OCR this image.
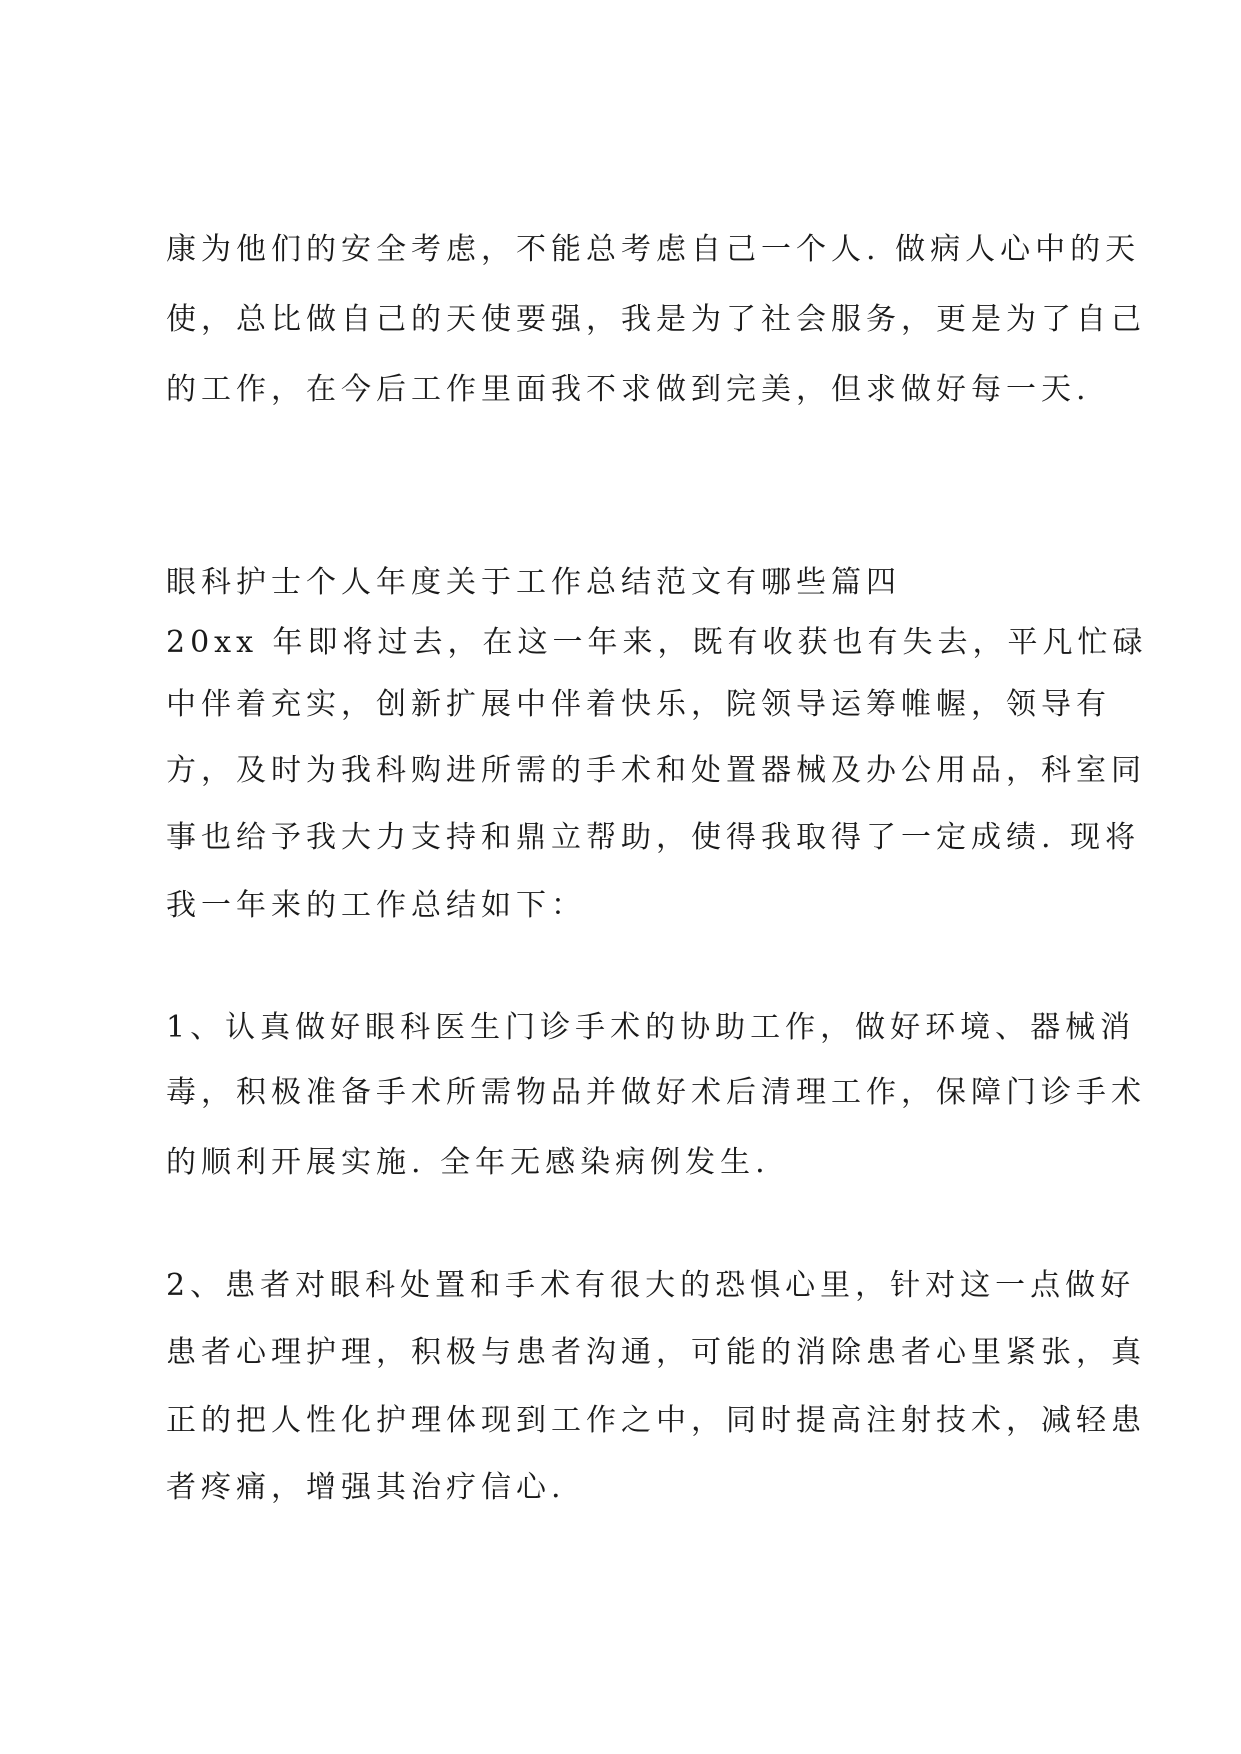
康为他们的安全考虑，不能总考虑自己一个人. 做病人心中的天
使，总比做自己的天使要强，我是为了社会服务，更是为了自己
的工作，在今后工作里面我不求做到完美，但求做好每一天.
眼科护士个人年度关于工作总结范文有哪些篇四
20xx 年即将过去，在这一年来，既有收获也有失去，平凡忙碌
中伴着充实，创新扩展中伴着快乐，院领导运筹帷幄，领导有
方，及时为我科购进所需的手术和处置器械及办公用品，科室同
事也给予我大力支持和鼎立帮助，使得我取得了一定成绩. 现将
我一年来的工作总结如下：
1、认真做好眼科医生门诊手术的协助工作，做好环境、器械消
毒，积极准备手术所需物品并做好术后清理工作，保障门诊手术
的顺利开展实施. 全年无感染病例发生.
2、患者对眼科处置和手术有很大的恐惧心里，针对这一点做好
患者心理护理，积极与患者沟通，可能的消除患者心里紧张，真
正的把人性化护理体现到工作之中，同时提高注射技术，减轻患
者疼痛，增强其治疗信心.
